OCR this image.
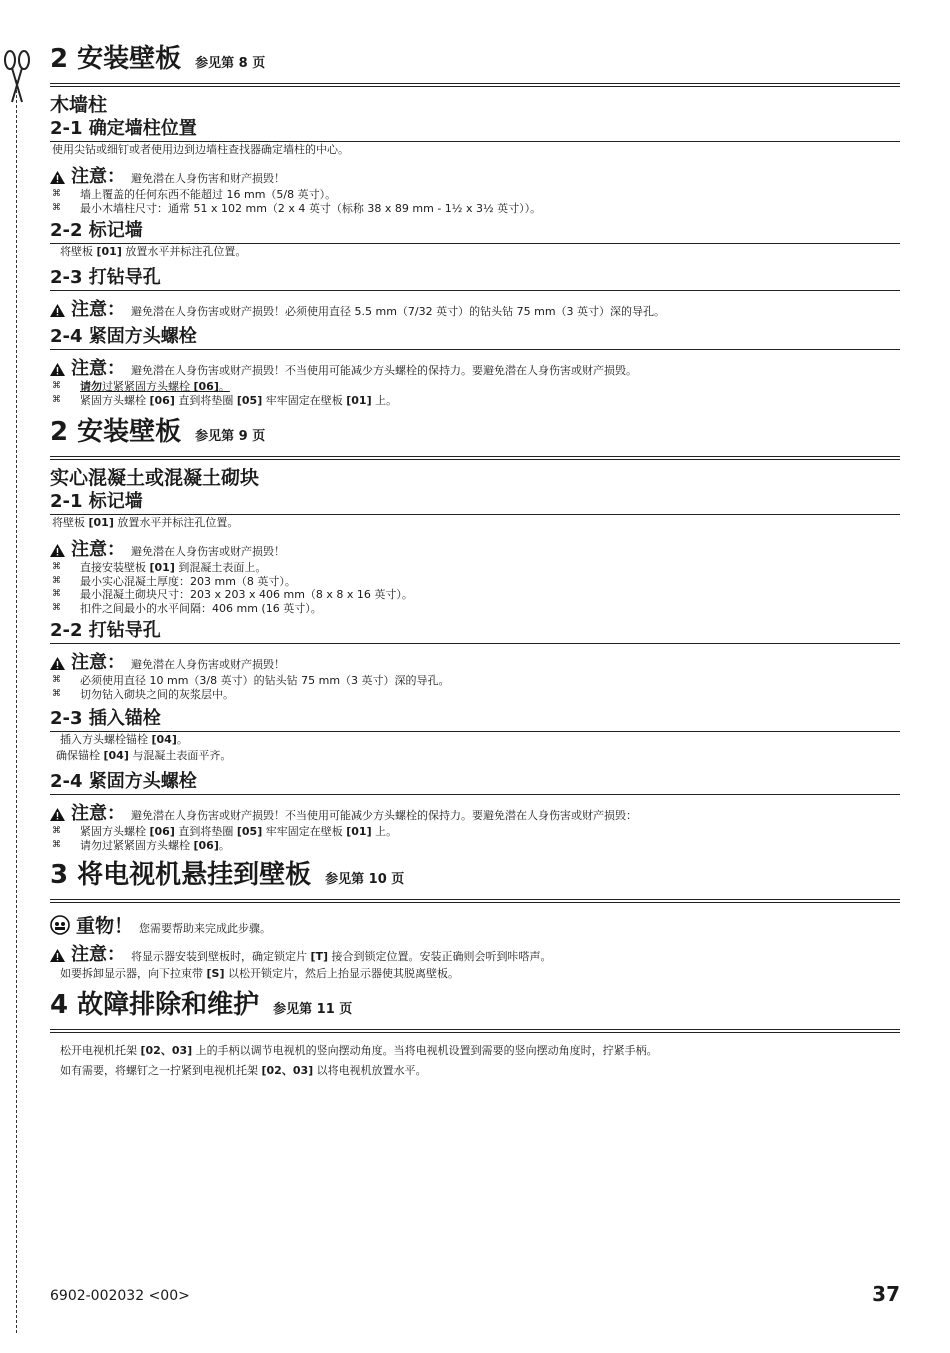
2 安装壁板 参见第 8 页
木墙柱
2-1 确定墙柱位置
使用尖钻或细钉或者使用边到边墙柱查找器确定墙柱的中心。
注意： 避免潜在人身伤害和财产损毁！
⌘ 墙上覆盖的任何东西不能超过 16 mm（5/8 英寸）。
⌘ 最小木墙柱尺寸：通常 51 x 102 mm（2 x 4 英寸（标称 38 x 89 mm - 1½ x 3½ 英寸））。
2-2 标记墙
将壁板 [01] 放置水平并标注孔位置。
2-3 打钻导孔
注意： 避免潜在人身伤害或财产损毁！必须使用直径 5.5 mm（7/32 英寸）的钻头钻 75 mm（3 英寸）深的导孔。
2-4 紧固方头螺栓
注意： 避免潜在人身伤害或财产损毁！不当使用可能减少方头螺栓的保持力。要避免潜在人身伤害或财产损毁。
⌘ 请勿过紧紧固方头螺栓 [06]。
⌘ 紧固方头螺栓 [06] 直到将垫圈 [05] 牢牢固定在壁板 [01] 上。
2 安装壁板 参见第 9 页
实心混凝土或混凝土砌块
2-1 标记墙
将壁板 [01] 放置水平并标注孔位置。
注意： 避免潜在人身伤害或财产损毁！
⌘ 直接安装壁板 [01] 到混凝土表面上。
⌘ 最小实心混凝土厚度：203 mm（8 英寸）。
⌘ 最小混凝土砌块尺寸：203 x 203 x 406 mm（8 x 8 x 16 英寸）。
⌘ 扣件之间最小的水平间隔：406 mm (16 英寸）。
2-2 打钻导孔
注意： 避免潜在人身伤害或财产损毁！
⌘ 必须使用直径 10 mm（3/8 英寸）的钻头钻 75 mm（3 英寸）深的导孔。
⌘ 切勿钻入砌块之间的灰浆层中。
2-3 插入锚栓
插入方头螺栓锚栓 [04]。
确保锚栓 [04] 与混凝土表面平齐。
2-4 紧固方头螺栓
注意： 避免潜在人身伤害或财产损毁！不当使用可能减少方头螺栓的保持力。要避免潜在人身伤害或财产损毁：
⌘ 紧固方头螺栓 [06] 直到将垫圈 [05] 牢牢固定在壁板 [01] 上。
⌘ 请勿过紧紧固方头螺栓 [06]。
3 将电视机悬挂到壁板 参见第 10 页
重物！ 您需要帮助来完成此步骤。
注意： 将显示器安装到壁板时，确定锁定片 [T] 接合到锁定位置。安装正确则会听到咔嗒声。
如要拆卸显示器，向下拉束带 [S] 以松开锁定片，然后上抬显示器使其脱离壁板。
4 故障排除和维护 参见第 11 页
松开电视机托架 [02、03] 上的手柄以调节电视机的竖向摆动角度。当将电视机设置到需要的竖向摆动角度时，拧紧手柄。
如有需要，将螺钉之一拧紧到电视机托架 [02、03] 以将电视机放置水平。
6902-002032 <00>	37
